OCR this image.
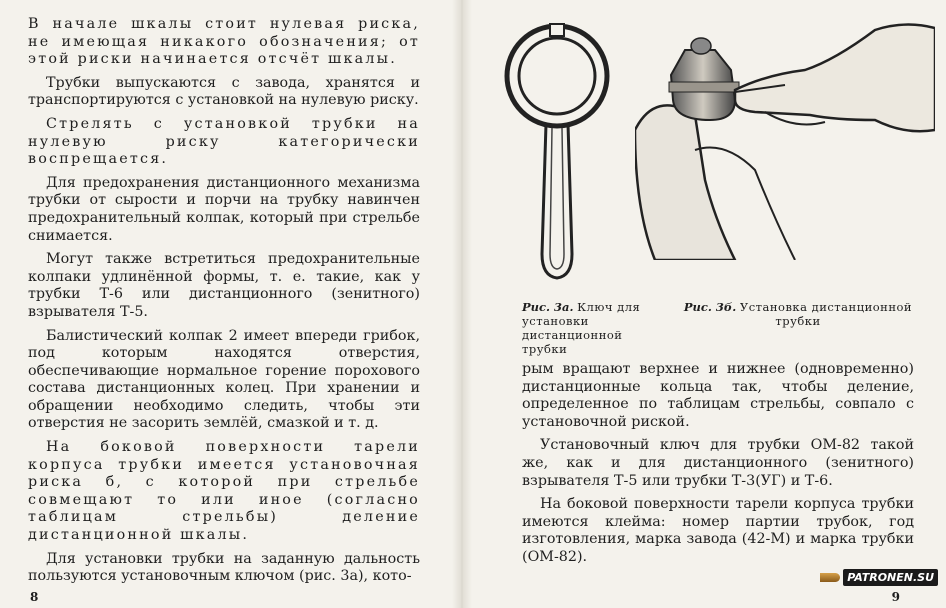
В начале шкалы стоит нулевая риска, не имеющая никакого обозначения; от этой риски начинается отсчёт шкалы.

Трубки выпускаются с завода, хранятся и транспортируются с установкой на нулевую риску.

Стрелять с установкой трубки на нулевую риску категорически воспрещается.

Для предохранения дистанционного механизма трубки от сырости и порчи на трубку навинчен предохранительный колпак, который при стрельбе снимается.

Могут также встретиться предохранительные колпаки удлинённой формы, т. е. такие, как у трубки Т-6 или дистанционного (зенитного) взрывателя Т-5.

Балистический колпак 2 имеет впереди грибок, под которым находятся отверстия, обеспечивающие нормальное горение порохового состава дистанционных колец. При хранении и обращении необходимо следить, чтобы эти отверстия не засорить землёй, смазкой и т. д.

На боковой поверхности тарели корпуса трубки имеется установочная риска б, с которой при стрельбе совмещают то или иное (согласно таблицам стрельбы) деление дистанционной шкалы.

Для установки трубки на заданную дальность пользуются установочным ключом (рис. 3а), кото-

8
Рис. 3а. Ключ для установки дистанционной трубки
Рис. 3б. Установка дистанционной трубки

рым вращают верхнее и нижнее (одновременно) дистанционные кольца так, чтобы деление, определенное по таблицам стрельбы, совпало с установочной риской.

Установочный ключ для трубки ОМ-82 такой же, как и для дистанционного (зенитного) взрывателя Т-5 или трубки Т-3(УГ) и Т-6.

На боковой поверхности тарели корпуса трубки имеются клейма: номер партии трубок, год изготовления, марка завода (42-М) и марка трубки (ОМ-82).

PATRONEN.SU
9
